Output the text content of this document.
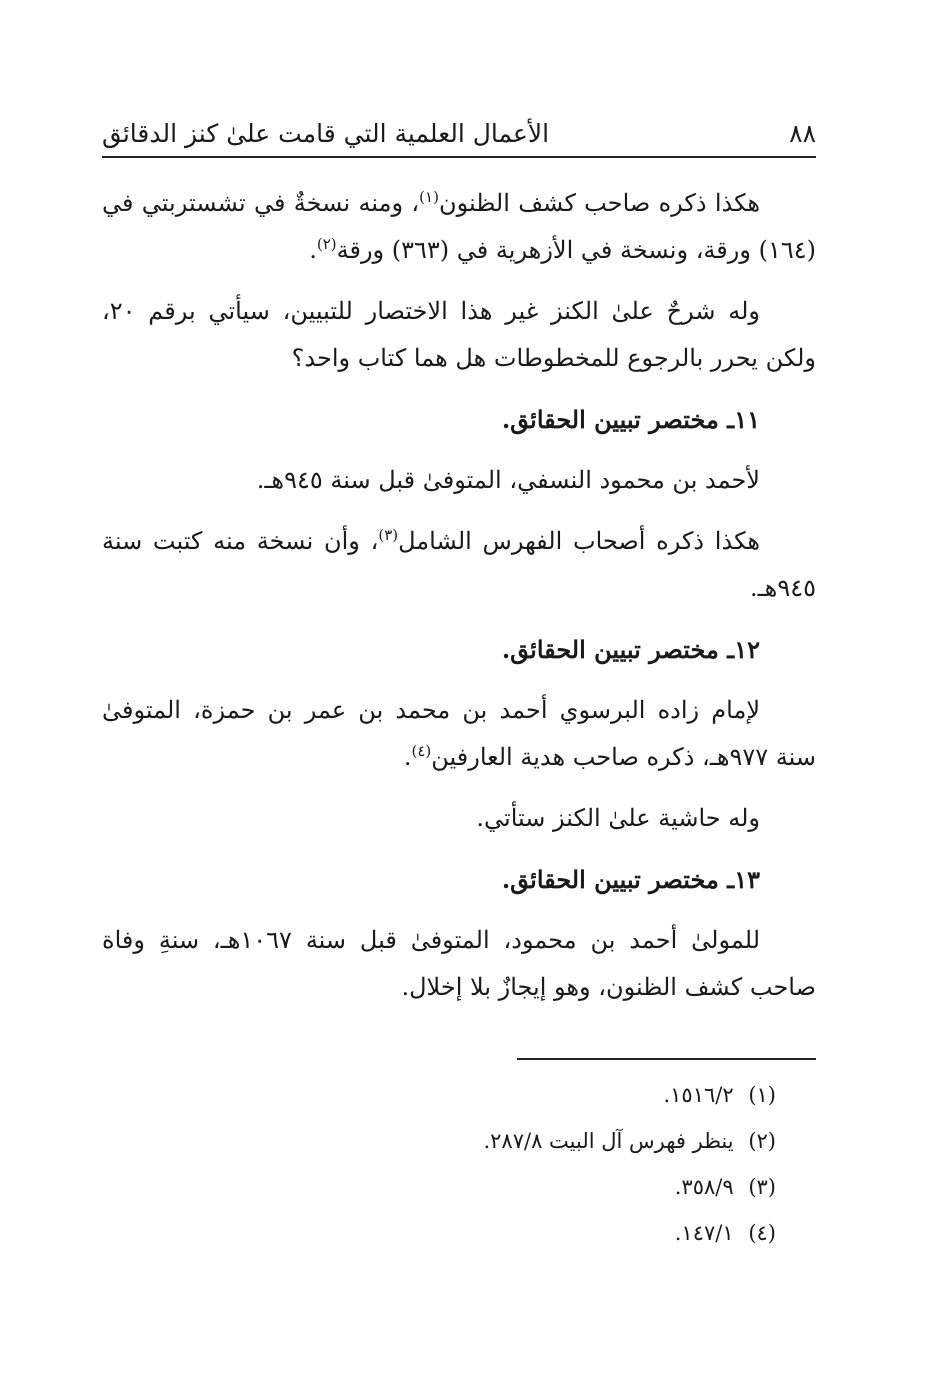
٨٨
الأعمال العلمية التي قامت علىٰ كنز الدقائق

هكذا ذكره صاحب كشف الظنون$^{(١)}$، ومنه نسخةٌ في تشستربتي في (١٦٤) ورقة، ونسخة في الأزهرية في (٣٦٣) ورقة$^{(٢)}$.

وله شرحٌ علىٰ الكنز غير هذا الاختصار للتبيين، سيأتي برقم ٢٠، ولكن يحرر بالرجوع للمخطوطات هل هما كتاب واحد؟

١١ـ مختصر تبيين الحقائق.

لأحمد بن محمود النسفي، المتوفىٰ قبل سنة ٩٤٥هـ.

هكذا ذكره أصحاب الفهرس الشامل$^{(٣)}$، وأن نسخة منه كتبت سنة ٩٤٥هـ.

١٢ـ مختصر تبيين الحقائق.

لإمام زاده البرسوي أحمد بن محمد بن عمر بن حمزة، المتوفىٰ سنة ٩٧٧هـ، ذكره صاحب هدية العارفين$^{(٤)}$.

وله حاشية علىٰ الكنز ستأتي.

١٣ـ مختصر تبيين الحقائق.

للمولىٰ أحمد بن محمود، المتوفىٰ قبل سنة ١٠٦٧هـ، سنةِ وفاة صاحب كشف الظنون، وهو إيجازٌ بلا إخلال.

(١) ١٥١٦/٢.
(٢) ينظر فهرس آل البيت ٢٨٧/٨.
(٣) ٣٥٨/٩.
(٤) ١٤٧/١.
